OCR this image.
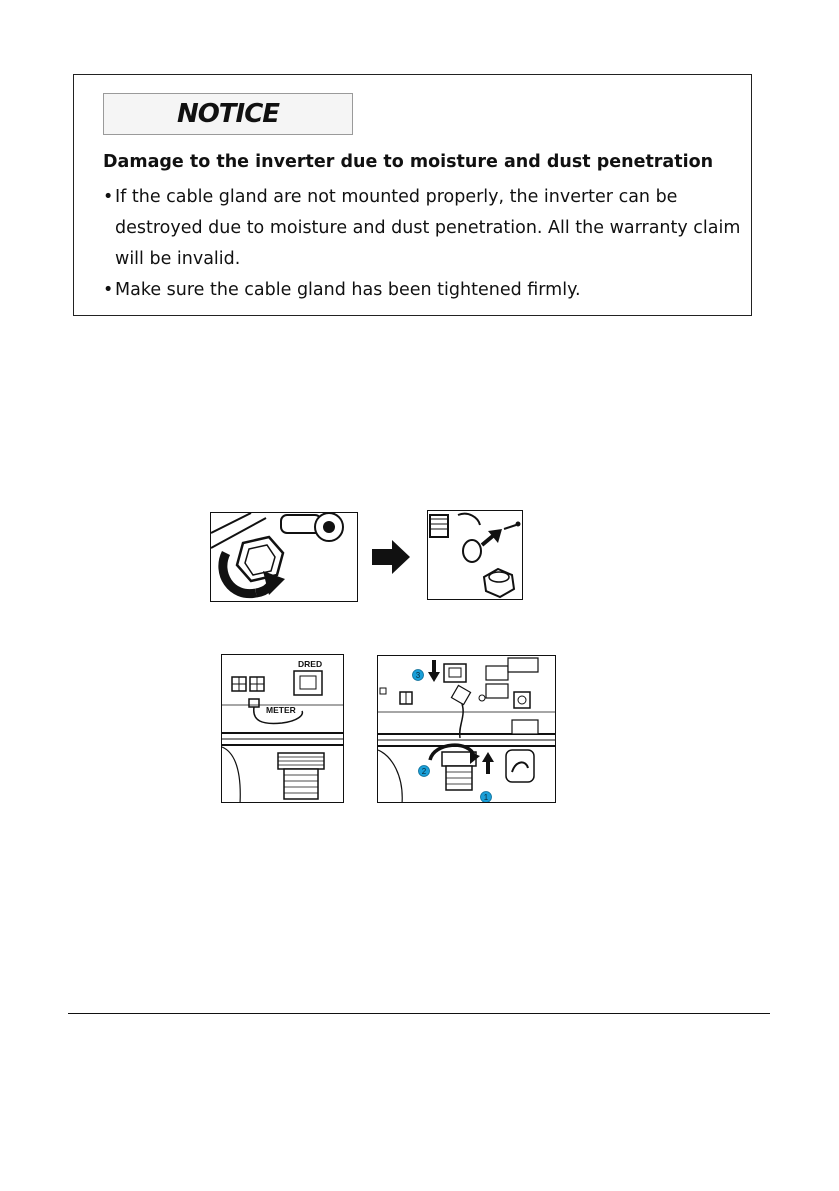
NOTICE
Damage to the inverter due to moisture and dust penetration
• If the cable gland are not mounted properly, the inverter can be destroyed due to moisture and dust penetration. All the warranty claim will be invalid.
• Make sure the cable gland has been tightened firmly.
DRED
METER
3
2
1
